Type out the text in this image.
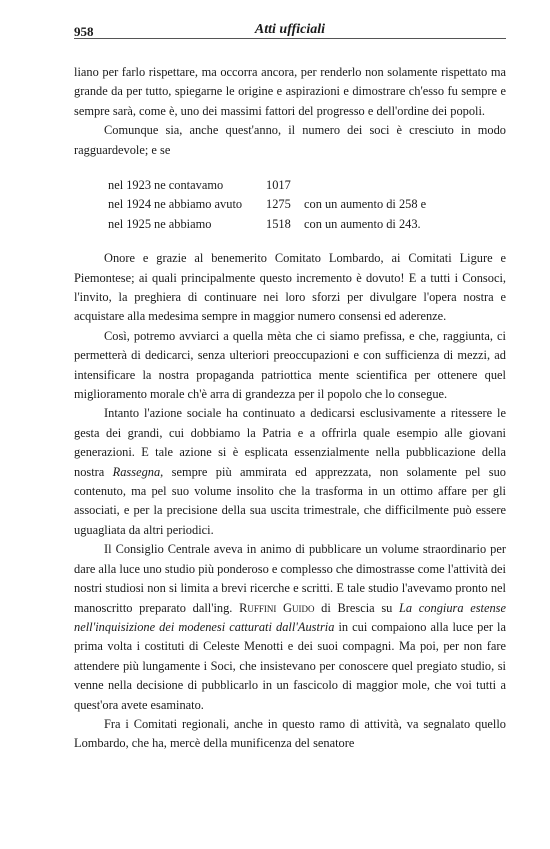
958	Atti ufficiali

liano per farlo rispettare, ma occorra ancora, per renderlo non solamente rispettato ma grande da per tutto, spiegarne le origine e aspirazioni e dimostrare ch'esso fu sempre e sempre sarà, come è, uno dei massimi fattori del progresso e dell'ordine dei popoli.

Comunque sia, anche quest'anno, il numero dei soci è cresciuto in modo ragguardevole; e se

nel 1923 ne contavamo	1017
nel 1924 ne abbiamo avuto	1275	con un aumento di 258 e
nel 1925 ne abbiamo	1518	con un aumento di 243.

Onore e grazie al benemerito Comitato Lombardo, ai Comitati Ligure e Piemontese; ai quali principalmente questo incremento è dovuto! E a tutti i Consoci, l'invito, la preghiera di continuare nei loro sforzi per divulgare l'opera nostra e acquistare alla medesima sempre in maggior numero consensi ed aderenze.

Così, potremo avviarci a quella mèta che ci siamo prefissa, e che, raggiunta, ci permetterà di dedicarci, senza ulteriori preoccupazioni e con sufficienza di mezzi, ad intensificare la nostra propaganda patriottica mente scientifica per ottenere quel miglioramento morale ch'è arra di grandezza per il popolo che lo consegue.

Intanto l'azione sociale ha continuato a dedicarsi esclusivamente a ritessere le gesta dei grandi, cui dobbiamo la Patria e a offrirla quale esempio alle giovani generazioni. E tale azione si è esplicata essenzialmente nella pubblicazione della nostra Rassegna, sempre più ammirata ed apprezzata, non solamente pel suo contenuto, ma pel suo volume insolito che la trasforma in un ottimo affare per gli associati, e per la precisione della sua uscita trimestrale, che difficilmente può essere uguagliata da altri periodici.

Il Consiglio Centrale aveva in animo di pubblicare un volume straordinario per dare alla luce uno studio più ponderoso e complesso che dimostrasse come l'attività dei nostri studiosi non si limita a brevi ricerche e scritti. E tale studio l'avevamo pronto nel manoscritto preparato dall'ing. Ruffini Guido di Brescia su La congiura estense nell'inquisizione dei modenesi catturati dall'Austria in cui compaiono alla luce per la prima volta i costituti di Celeste Menotti e dei suoi compagni. Ma poi, per non fare attendere più lungamente i Soci, che insistevano per conoscere quel pregiato studio, si venne nella decisione di pubblicarlo in un fascicolo di maggior mole, che voi tutti a quest'ora avete esaminato.

Fra i Comitati regionali, anche in questo ramo di attività, va segnalato quello Lombardo, che ha, mercè della munificenza del senatore
